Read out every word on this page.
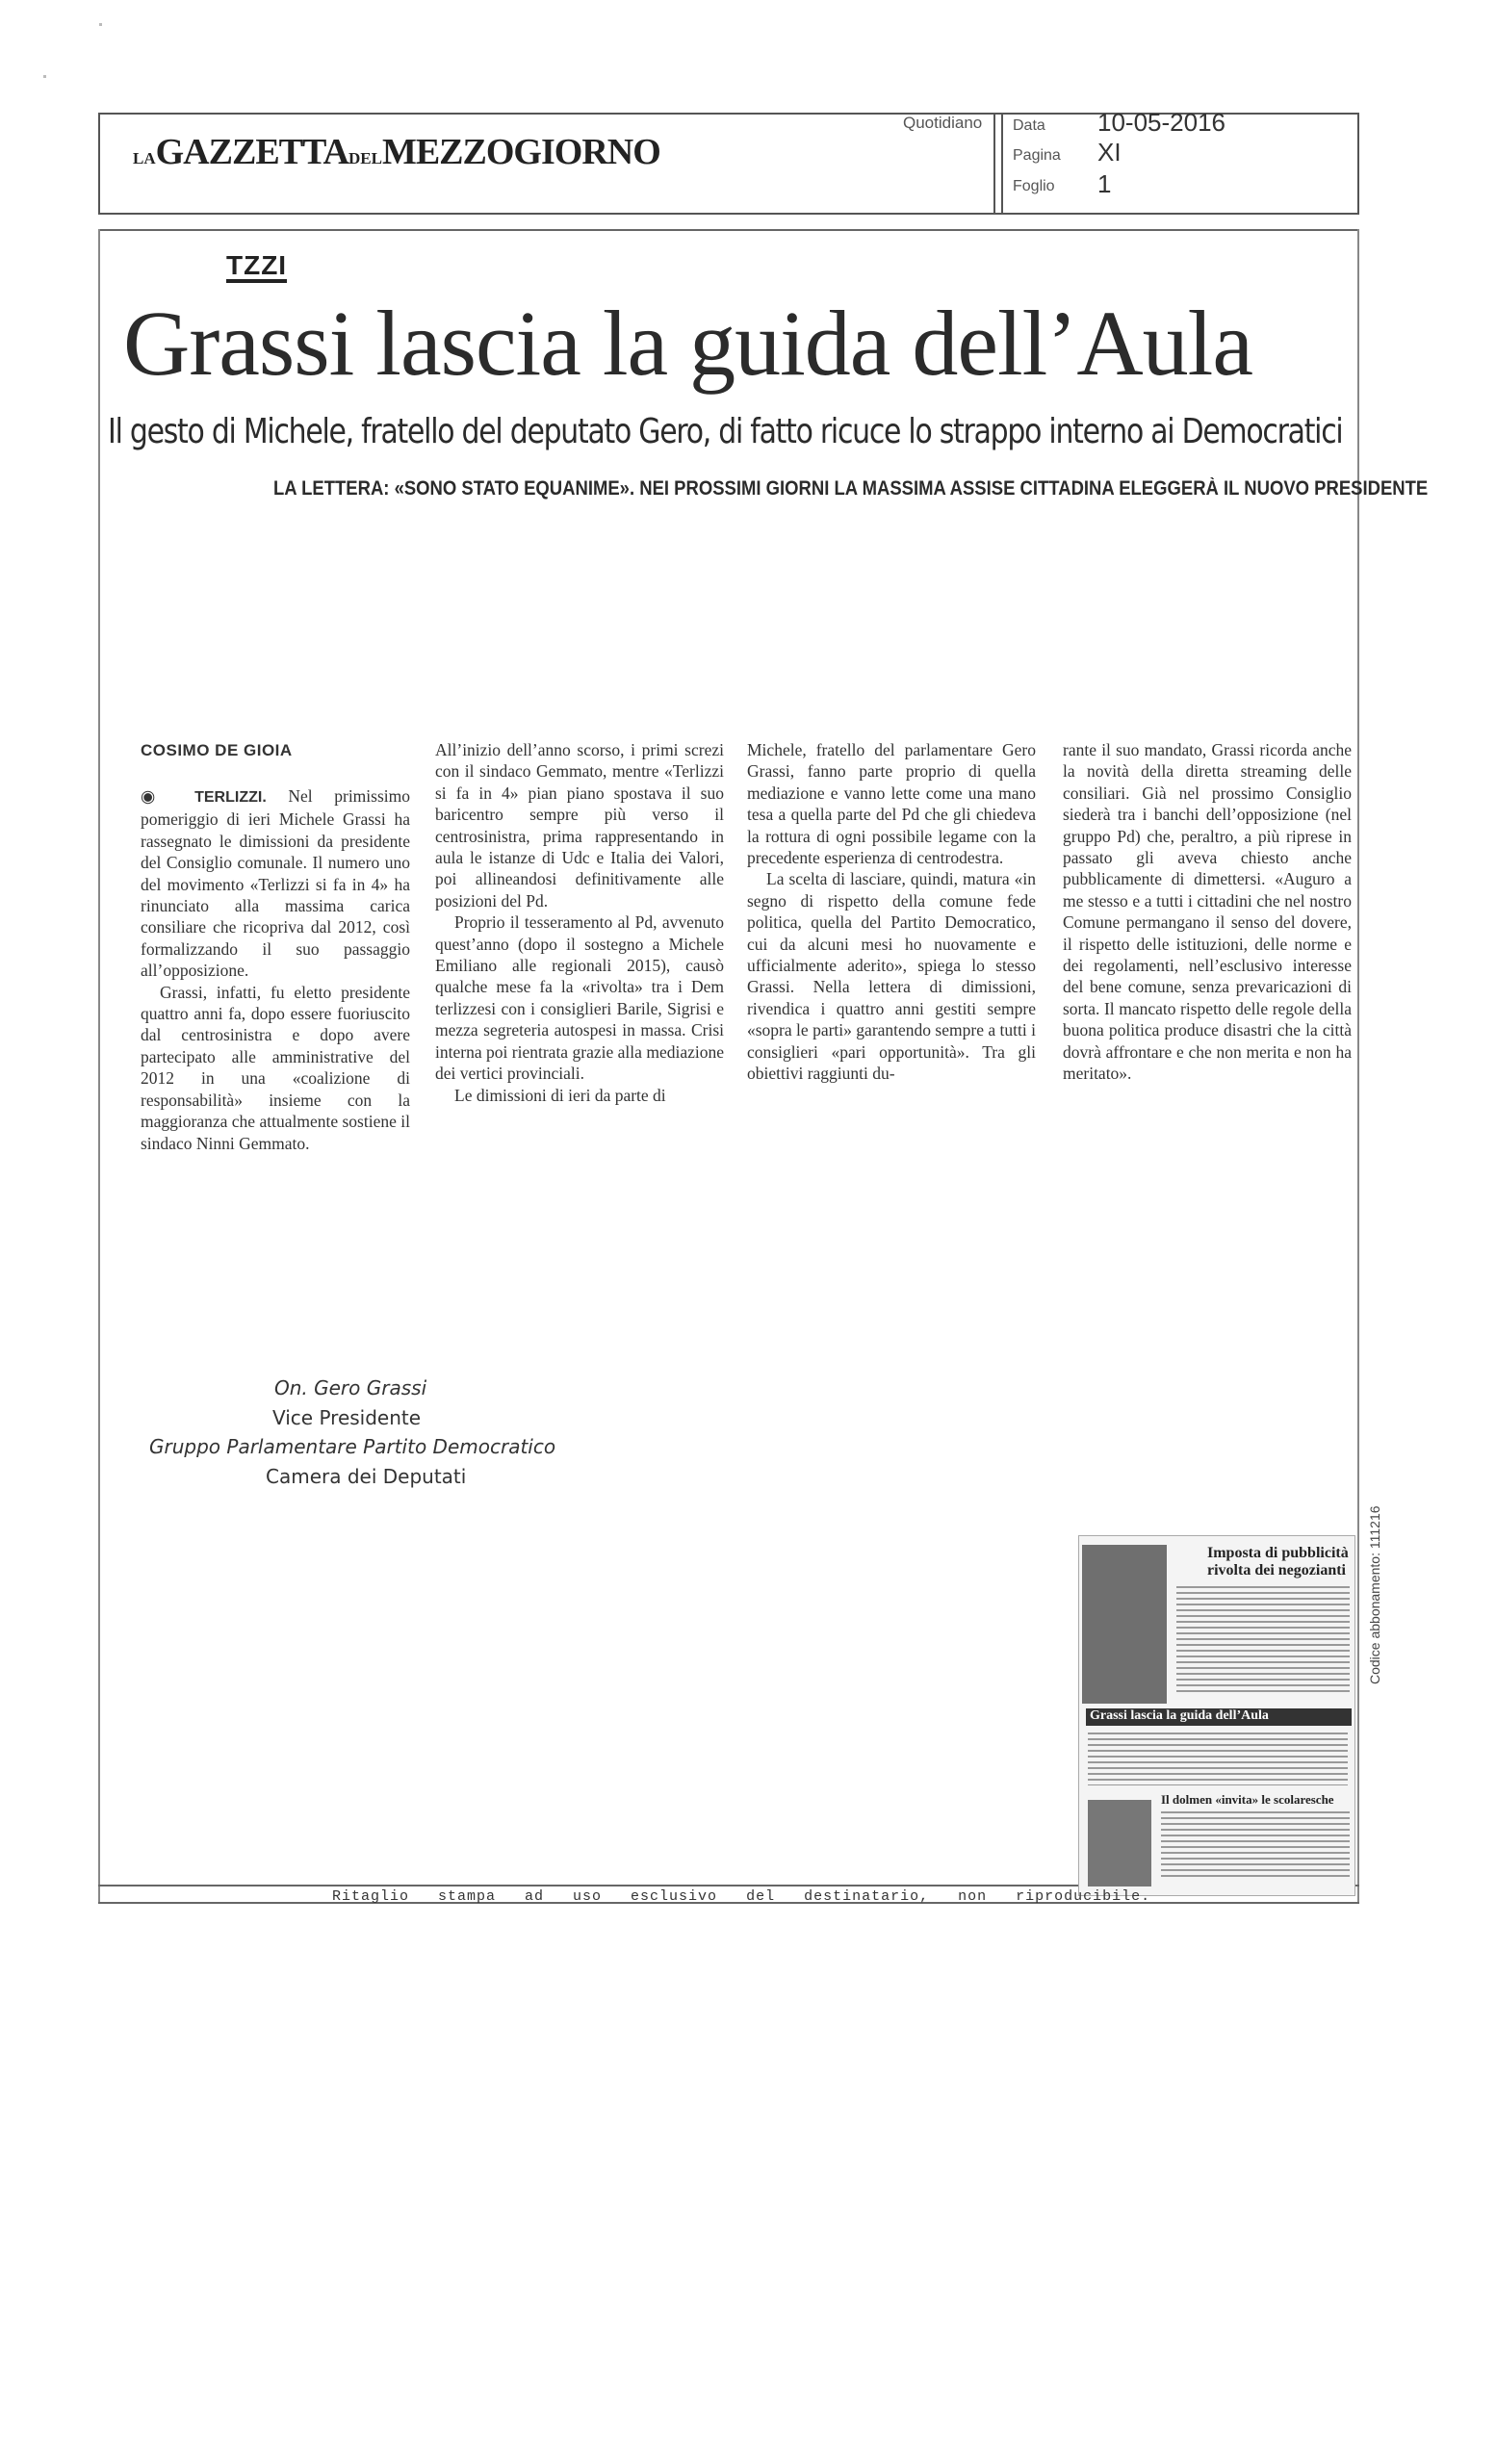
LAGAZZETTADELMEZZOGIORNO
Quotidiano Data 10-05-2016
Pagina XI
Foglio 1
TZZI
Grassi lascia la guida dell’Aula
Il gesto di Michele, fratello del deputato Gero, di fatto ricuce lo strappo interno ai Democratici
LA LETTERA: «SONO STATO EQUANIME». NEI PROSSIMI GIORNI LA MASSIMA ASSISE CITTADINA ELEGGERÀ IL NUOVO PRESIDENTE
COSIMO DE GIOIA

◉ TERLIZZI. Nel primissimo pomeriggio di ieri Michele Grassi ha rassegnato le dimissioni da presidente del Consiglio comunale. Il numero uno del movimento «Terlizzi si fa in 4» ha rinunciato alla massima carica consiliare che ricopriva dal 2012, così formalizzando il suo passaggio all’opposizione.

Grassi, infatti, fu eletto presidente quattro anni fa, dopo essere fuoriuscito dal centrosinistra e dopo avere partecipato alle amministrative del 2012 in una «coalizione di responsabilità» insieme con la maggioranza che attualmente sostiene il sindaco Ninni Gemmato.

All’inizio dell’anno scorso, i primi screzi con il sindaco Gemmato, mentre «Terlizzi si fa in 4» pian piano spostava il suo baricentro sempre più verso il centrosinistra, prima rappresentando in aula le istanze di Udc e Italia dei Valori, poi allineandosi definitivamente alle posizioni del Pd.

Proprio il tesseramento al Pd, avvenuto quest’anno (dopo il sostegno a Michele Emiliano alle regionali 2015), causò qualche mese fa la «rivolta» tra i Dem terlizzesi con i consiglieri Barile, Sigrisi e mezza segreteria autospesi in massa. Crisi interna poi rientrata grazie alla mediazione dei vertici provinciali.

Le dimissioni di ieri da parte di

Michele, fratello del parlamentare Gero Grassi, fanno parte proprio di quella mediazione e vanno lette come una mano tesa a quella parte del Pd che gli chiedeva la rottura di ogni possibile legame con la precedente esperienza di centrodestra.

La scelta di lasciare, quindi, matura «in segno di rispetto della comune fede politica, quella del Partito Democratico, cui da alcuni mesi ho nuovamente e ufficialmente aderito», spiega lo stesso Grassi. Nella lettera di dimissioni, rivendica i quattro anni gestiti sempre «sopra le parti» garantendo sempre a tutti i consiglieri «pari opportunità». Tra gli obiettivi raggiunti du-

rante il suo mandato, Grassi ricorda anche la novità della diretta streaming delle consiliari. Già nel prossimo Consiglio siederà tra i banchi dell’opposizione (nel gruppo Pd) che, peraltro, a più riprese in passato gli aveva chiesto anche pubblicamente di dimettersi. «Auguro a me stesso e a tutti i cittadini che nel nostro Comune permangano il senso del dovere, il rispetto delle istituzioni, delle norme e dei regolamenti, nell’esclusivo interesse del bene comune, senza prevaricazioni di sorta. Il mancato rispetto delle regole della buona politica produce disastri che la città dovrà affrontare e che non merita e non ha meritato».

On. Gero Grassi
Vice Presidente
Gruppo Parlamentare Partito Democratico
Camera dei Deputati
Imposta di pubblicità rivolta dei negozianti
Grassi lascia la guida dell’Aula
Il dolmen «invita» le scolaresche
Codice abbonamento: 111216
Ritaglio   stampa   ad   uso   esclusivo   del   destinatario,   non   riproducibile.
